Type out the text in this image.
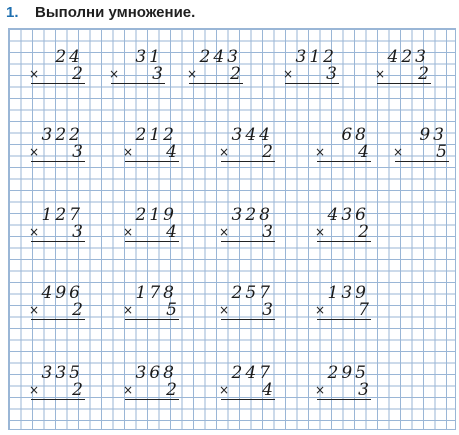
1. Выполни умножение.
×
24
2 ×
31
3 ×
243
2	×
312
3	×
423
2
×
322
3	×
212
4	×
344
2	×
68
4 ×
93
5
×
127
3	×
219
4	×
328
3	×
436
2
×
496
2	×
178
5	×
257
3	×
139
7
×
335
2	×
368
2	×
247
4	×
295
3
